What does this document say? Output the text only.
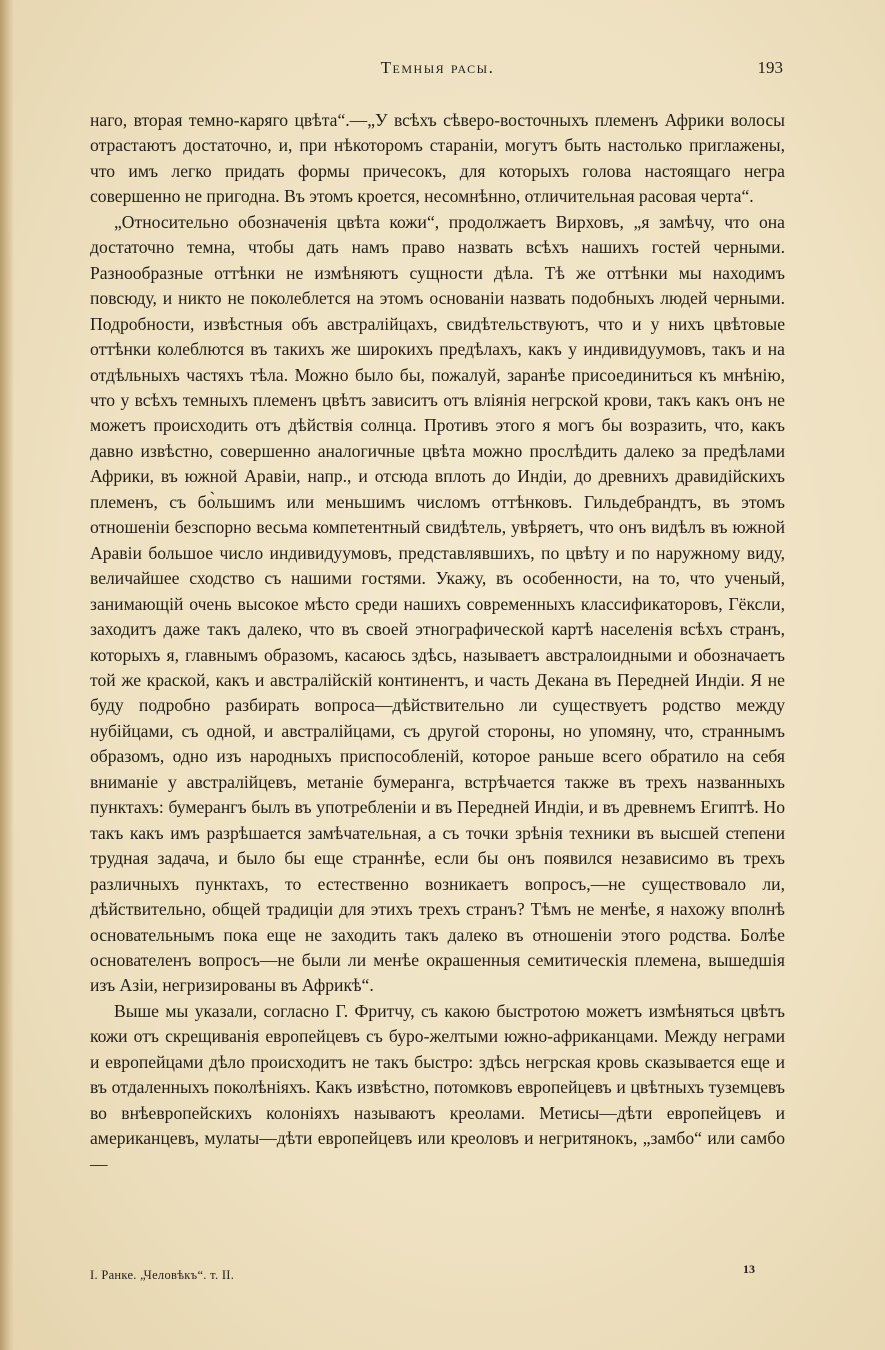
Темныя расы.	193

наго, вторая темно-каряго цвѣта“.—„У всѣхъ сѣверо-восточныхъ племенъ Африки волосы отрастаютъ достаточно, и, при нѣкоторомъ стараніи, могутъ быть настолько приглажены, что имъ легко придать формы причесокъ, для которыхъ голова настоящаго негра совершенно не пригодна. Въ этомъ кроется, несомнѣнно, отличительная расовая черта“.

„Относительно обозначенія цвѣта кожи“, продолжаетъ Вирховъ, „я замѣчу, что она достаточно темна, чтобы дать намъ право назвать всѣхъ нашихъ гостей черными. Разнообразные оттѣнки не измѣняютъ сущности дѣла. Тѣ же оттѣнки мы находимъ повсюду, и никто не поколеблется на этомъ основаніи назвать подобныхъ людей черными. Подробности, извѣстныя объ австралійцахъ, свидѣтельствуютъ, что и у нихъ цвѣтовые оттѣнки колеблются въ такихъ же широкихъ предѣлахъ, какъ у индивидуумовъ, такъ и на отдѣльныхъ частяхъ тѣла. Можно было бы, пожалуй, заранѣе присоединиться къ мнѣнію, что у всѣхъ темныхъ племенъ цвѣтъ зависитъ отъ вліянія негрской крови, такъ какъ онъ не можетъ происходить отъ дѣйствія солнца. Противъ этого я могъ бы возразить, что, какъ давно извѣстно, совершенно аналогичные цвѣта можно прослѣдить далеко за предѣлами Африки, въ южной Аравіи, напр., и отсюда вплоть до Индіи, до древнихъ дравидійскихъ племенъ, съ бо̀льшимъ или меньшимъ числомъ оттѣнковъ. Гильдебрандтъ, въ этомъ отношеніи безспорно весьма компетентный свидѣтель, увѣряетъ, что онъ видѣлъ въ южной Аравіи большое число индивидуумовъ, представлявшихъ, по цвѣту и по наружному виду, величайшее сходство съ нашими гостями. Укажу, въ особенности, на то, что ученый, занимающій очень высокое мѣсто среди нашихъ современныхъ классификаторовъ, Гёксли, заходитъ даже такъ далеко, что въ своей этнографической картѣ населенія всѣхъ странъ, которыхъ я, главнымъ образомъ, касаюсь здѣсь, называетъ австралоидными и обозначаетъ той же краской, какъ и австралійскій континентъ, и часть Декана въ Передней Индіи. Я не буду подробно разбирать вопроса—дѣйствительно ли существуетъ родство между нубійцами, съ одной, и австралійцами, съ другой стороны, но упомяну, что, страннымъ образомъ, одно изъ народныхъ приспособленій, которое раньше всего обратило на себя вниманіе у австралійцевъ, метаніе бумеранга, встрѣчается также въ трехъ названныхъ пунктахъ: бумерангъ былъ въ употребленіи и въ Передней Индіи, и въ древнемъ Египтѣ. Но такъ какъ имъ разрѣшается замѣчательная, а съ точки зрѣнія техники въ высшей степени трудная задача, и было бы еще страннѣе, если бы онъ появился независимо въ трехъ различныхъ пунктахъ, то естественно возникаетъ вопросъ,—не существовало ли, дѣйствительно, общей традиціи для этихъ трехъ странъ? Тѣмъ не менѣе, я нахожу вполнѣ основательнымъ пока еще не заходить такъ далеко въ отношеніи этого родства. Болѣе основателенъ вопросъ—не были ли менѣе окрашенныя семитическія племена, вышедшія изъ Азіи, негризированы въ Африкѣ“.

Выше мы указали, согласно Г. Фритчу, съ какою быстротою можетъ измѣняться цвѣтъ кожи отъ скрещиванія европейцевъ съ буро-желтыми южно-африканцами. Между неграми и европейцами дѣло происходитъ не такъ быстро: здѣсь негрская кровь сказывается еще и въ отдаленныхъ поколѣніяхъ. Какъ извѣстно, потомковъ европейцевъ и цвѣтныхъ туземцевъ во внѣевропейскихъ колоніяхъ называютъ креолами. Метисы—дѣти европейцевъ и американцевъ, мулаты—дѣти европейцевъ или креоловъ и негритянокъ, „замбо“ или самбо—

I. Ранке. „Человѣкъ“. т. II.	13
